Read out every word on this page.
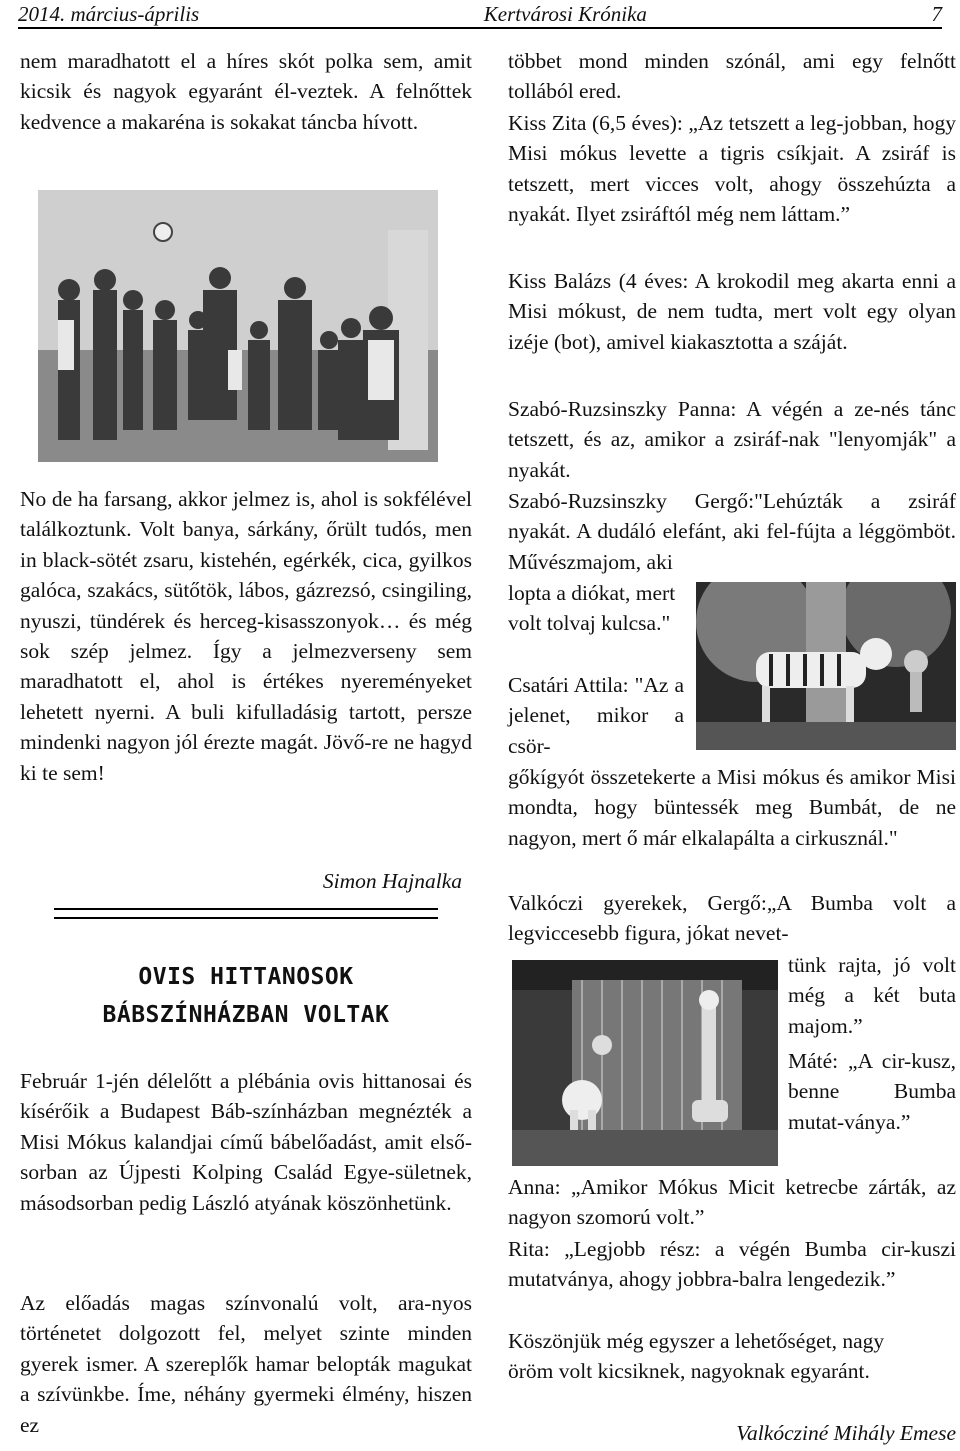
2014. március-április	Kertvárosi Krónika	7
nem maradhatott el a híres skót polka sem, amit kicsik és nagyok egyaránt él-veztek. A felnőttek kedvence a makaréna is sokakat táncba hívott.
No de ha farsang, akkor jelmez is, ahol is sokfélével találkoztunk. Volt banya, sárkány, őrült tudós, men in black-sötét zsaru, kistehén, egérkék, cica, gyilkos galóca, szakács, sütőtök, lábos, gázrezsó, csingiling, nyuszi, tündérek és herceg-kisasszonyok… és még sok szép jelmez. Így a jelmezverseny sem maradhatott el, ahol is értékes nyereményeket lehetett nyerni. A buli kifulladásig tartott, persze mindenki nagyon jól érezte magát. Jövő-re ne hagyd ki te sem!
Simon Hajnalka
OVIS HITTANOSOK
BÁBSZÍNHÁZBAN VOLTAK
Február 1-jén délelőtt a plébánia ovis hittanosai és kísérőik a Budapest Báb-színházban megnézték a Misi Mókus kalandjai című bábelőadást, amit első-sorban az Újpesti Kolping Család Egye-sületnek, másodsorban pedig László atyának köszönhetünk.
Az előadás magas színvonalú volt, ara-nyos történetet dolgozott fel, melyet szinte minden gyerek ismer. A szereplők hamar belopták magukat a szívünkbe. Íme, néhány gyermeki élmény, hiszen ez
többet mond minden szónál, ami egy felnőtt tollából ered.
Kiss Zita (6,5 éves): „Az tetszett a leg-jobban, hogy Misi mókus levette a tigris csíkjait. A zsiráf is tetszett, mert vicces volt, ahogy összehúzta a nyakát. Ilyet zsiráftól még nem láttam.”
Kiss Balázs (4 éves: A krokodil meg akarta enni a Misi mókust, de nem tudta, mert volt egy olyan izéje (bot), amivel kiakasztotta a száját.
Szabó-Ruzsinszky Panna: A végén a ze-nés tánc tetszett, és az, amikor a zsiráf-nak "lenyomják" a nyakát.
Szabó-Ruzsinszky Gergő:"Lehúzták a zsiráf nyakát. A dudáló elefánt, aki fel-fújta a léggömböt. Művészmajom, aki
lopta a diókat, mert volt tolvaj kulcsa."
Csatári Attila: "Az a jelenet, mikor a csör-
gőkígyót összetekerte a Misi mókus és amikor Misi mondta, hogy büntessék meg Bumbát, de ne nagyon, mert ő már elkalapálta a cirkusznál."
Valkóczi gyerekek, Gergő:„A Bumba volt a legviccesebb figura, jókat nevet-
tünk rajta, jó volt még a két buta majom.”
Máté: „A cir-kusz, benne Bumba mutat-ványa.”
Anna: „Amikor Mókus Micit ketrecbe zárták, az nagyon szomorú volt.”
Rita: „Legjobb rész: a végén Bumba cir-kuszi mutatványa, ahogy jobbra-balra lengedezik.”
Köszönjük még egyszer a lehetőséget, nagy öröm volt kicsiknek, nagyoknak egyaránt.
Valkócziné Mihály Emese
